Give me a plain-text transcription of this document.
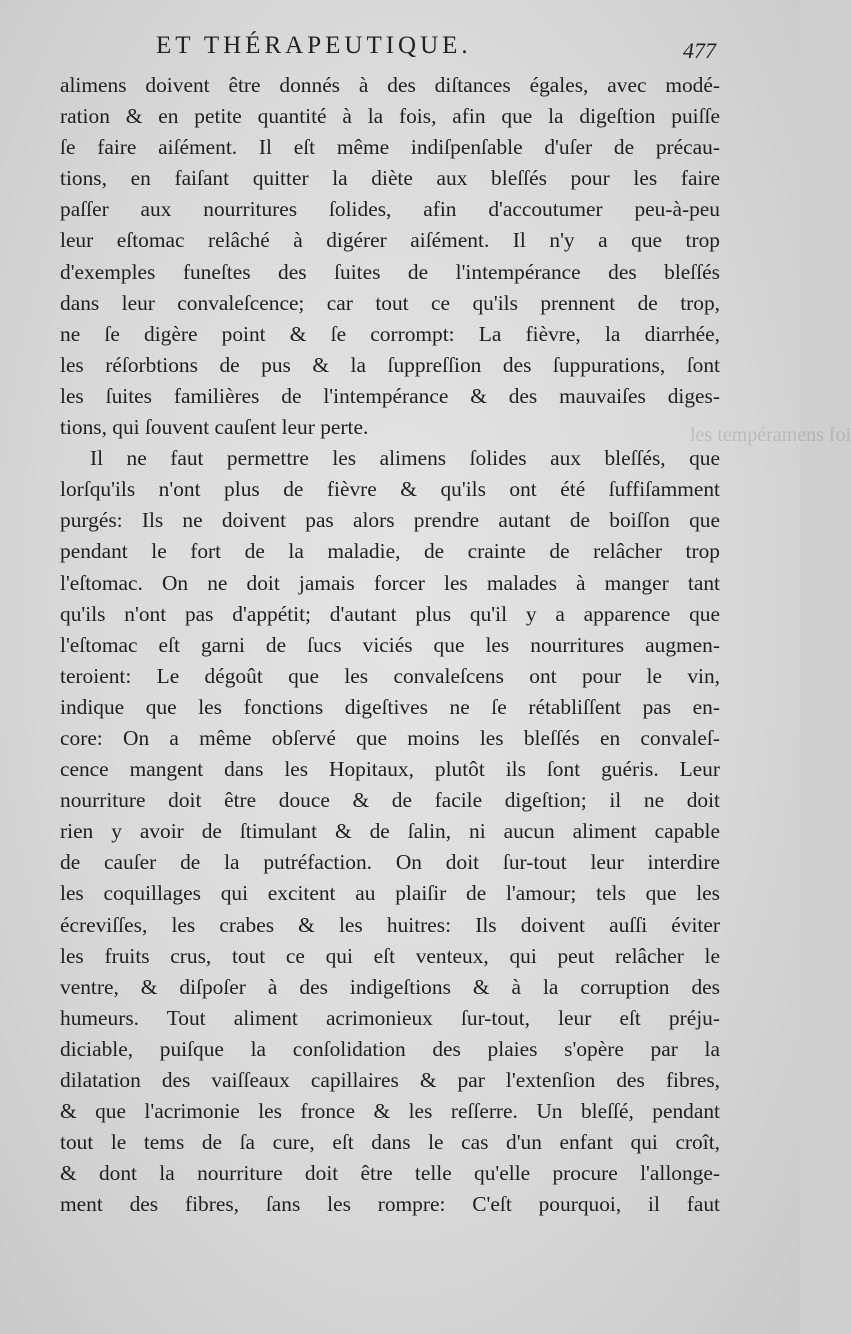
ET THÉRAPEUTIQUE.	477
les tempéramens foi
alimens doivent être donnés à des diſtances égales, avec modé-
ration & en petite quantité à la fois, afin que la digeſtion puiſſe
ſe faire aiſément. Il eſt même indiſpenſable d'uſer de précau-
tions, en faiſant quitter la diète aux bleſſés pour les faire
paſſer aux nourritures ſolides, afin d'accoutumer peu-à-peu
leur eſtomac relâché à digérer aiſément. Il n'y a que trop
d'exemples funeſtes des ſuites de l'intempérance des bleſſés
dans leur convaleſcence; car tout ce qu'ils prennent de trop,
ne ſe digère point & ſe corrompt: La fièvre, la diarrhée,
les réſorbtions de pus & la ſuppreſſion des ſuppurations, ſont
les ſuites familières de l'intempérance & des mauvaiſes diges-
tions, qui ſouvent cauſent leur perte.
Il ne faut permettre les alimens ſolides aux bleſſés, que
lorſqu'ils n'ont plus de fièvre & qu'ils ont été ſuffiſamment
purgés: Ils ne doivent pas alors prendre autant de boiſſon que
pendant le fort de la maladie, de crainte de relâcher trop
l'eſtomac. On ne doit jamais forcer les malades à manger tant
qu'ils n'ont pas d'appétit; d'autant plus qu'il y a apparence que
l'eſtomac eſt garni de ſucs viciés que les nourritures augmen-
teroient: Le dégoût que les convaleſcens ont pour le vin,
indique que les fonctions digeſtives ne ſe rétabliſſent pas en-
core: On a même obſervé que moins les bleſſés en convaleſ-
cence mangent dans les Hopitaux, plutôt ils ſont guéris. Leur
nourriture doit être douce & de facile digeſtion; il ne doit
rien y avoir de ſtimulant & de ſalin, ni aucun aliment capable
de cauſer de la putréfaction. On doit ſur-tout leur interdire
les coquillages qui excitent au plaiſir de l'amour; tels que les
écreviſſes, les crabes & les huitres: Ils doivent auſſi éviter
les fruits crus, tout ce qui eſt venteux, qui peut relâcher le
ventre, & diſpoſer à des indigeſtions & à la corruption des
humeurs. Tout aliment acrimonieux ſur-tout, leur eſt préju-
diciable, puiſque la conſolidation des plaies s'opère par la
dilatation des vaiſſeaux capillaires & par l'extenſion des fibres,
& que l'acrimonie les fronce & les reſſerre. Un bleſſé, pendant
tout le tems de ſa cure, eſt dans le cas d'un enfant qui croît,
& dont la nourriture doit être telle qu'elle procure l'allonge-
ment des fibres, ſans les rompre: C'eſt pourquoi, il faut
